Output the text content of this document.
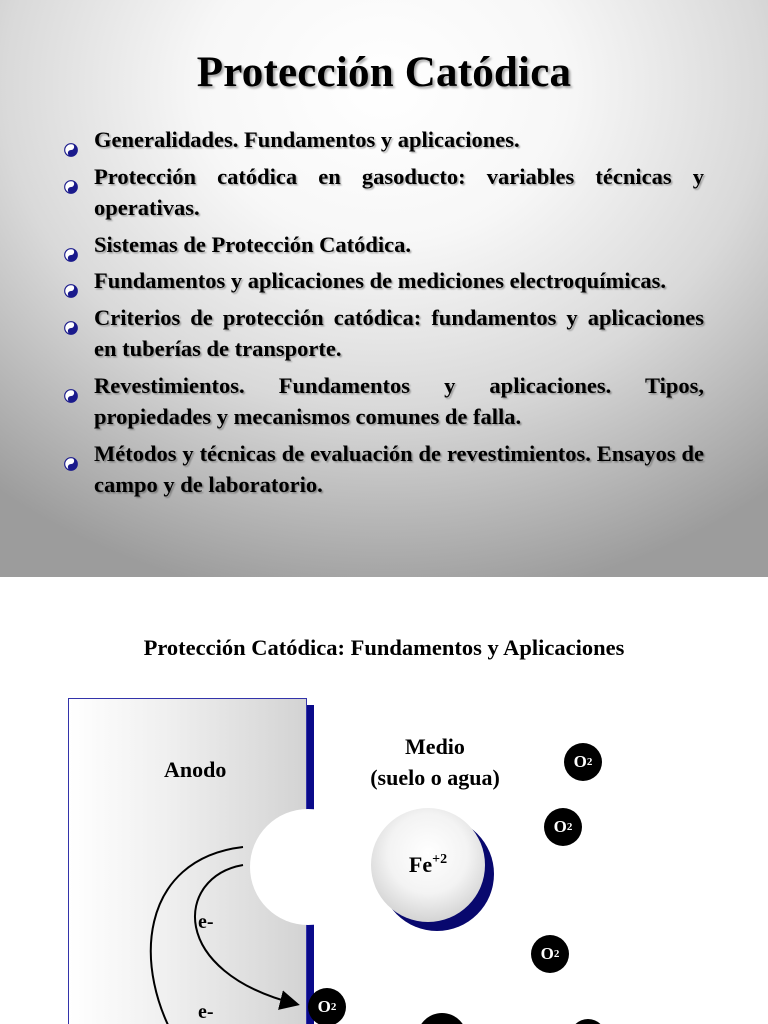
Protección Catódica
Generalidades. Fundamentos y aplicaciones.
Protección catódica en gasoducto: variables técnicas y operativas.
Sistemas de Protección Catódica.
Fundamentos y aplicaciones de mediciones electroquímicas.
Criterios de protección catódica: fundamentos y aplicaciones en tuberías de transporte.
Revestimientos. Fundamentos y aplicaciones. Tipos, propiedades y mecanismos comunes de falla.
Métodos y técnicas de evaluación de revestimientos. Ensayos de campo y de laboratorio.
Protección Catódica: Fundamentos y Aplicaciones
Anodo
e-
e-
Medio
(suelo o agua)
$Fe^{+2}$
O 2
O 2
O 2
O 2
